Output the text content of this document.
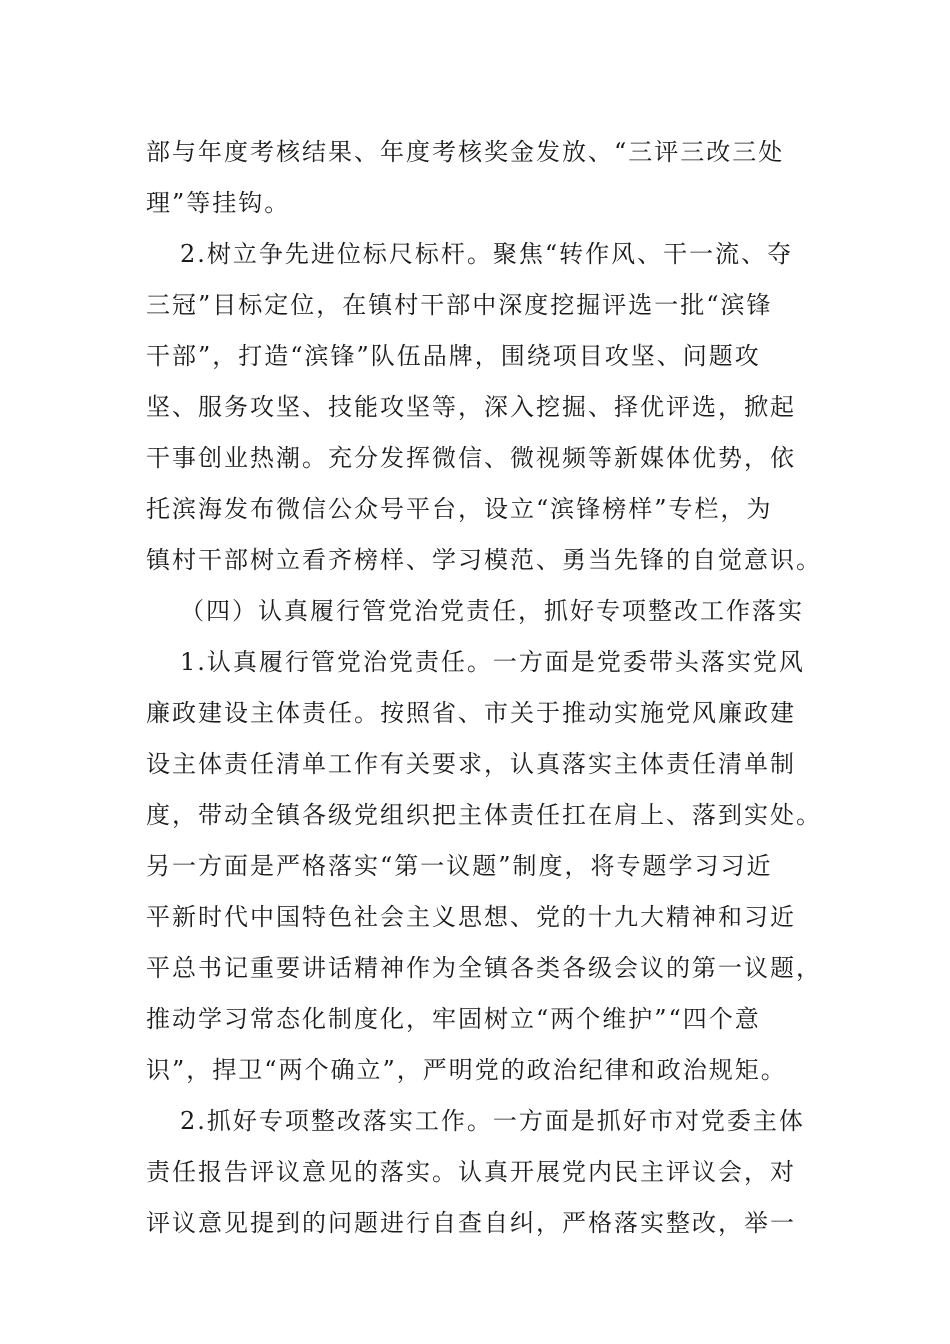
部与年度考核结果、年度考核奖金发放、“三评三改三处
理”等挂钩。
2.树立争先进位标尺标杆。聚焦“转作风、干一流、夺
三冠”目标定位，在镇村干部中深度挖掘评选一批“滨锋
干部”，打造“滨锋”队伍品牌，围绕项目攻坚、问题攻
坚、服务攻坚、技能攻坚等，深入挖掘、择优评选，掀起
干事创业热潮。充分发挥微信、微视频等新媒体优势，依
托滨海发布微信公众号平台，设立“滨锋榜样”专栏，为
镇村干部树立看齐榜样、学习模范、勇当先锋的自觉意识。
（四）认真履行管党治党责任，抓好专项整改工作落实
1.认真履行管党治党责任。一方面是党委带头落实党风
廉政建设主体责任。按照省、市关于推动实施党风廉政建
设主体责任清单工作有关要求，认真落实主体责任清单制
度，带动全镇各级党组织把主体责任扛在肩上、落到实处。
另一方面是严格落实“第一议题”制度，将专题学习习近
平新时代中国特色社会主义思想、党的十九大精神和习近
平总书记重要讲话精神作为全镇各类各级会议的第一议题，
推动学习常态化制度化，牢固树立“两个维护”“四个意
识”，捍卫“两个确立”，严明党的政治纪律和政治规矩。
2.抓好专项整改落实工作。一方面是抓好市对党委主体
责任报告评议意见的落实。认真开展党内民主评议会，对
评议意见提到的问题进行自查自纠，严格落实整改，举一
